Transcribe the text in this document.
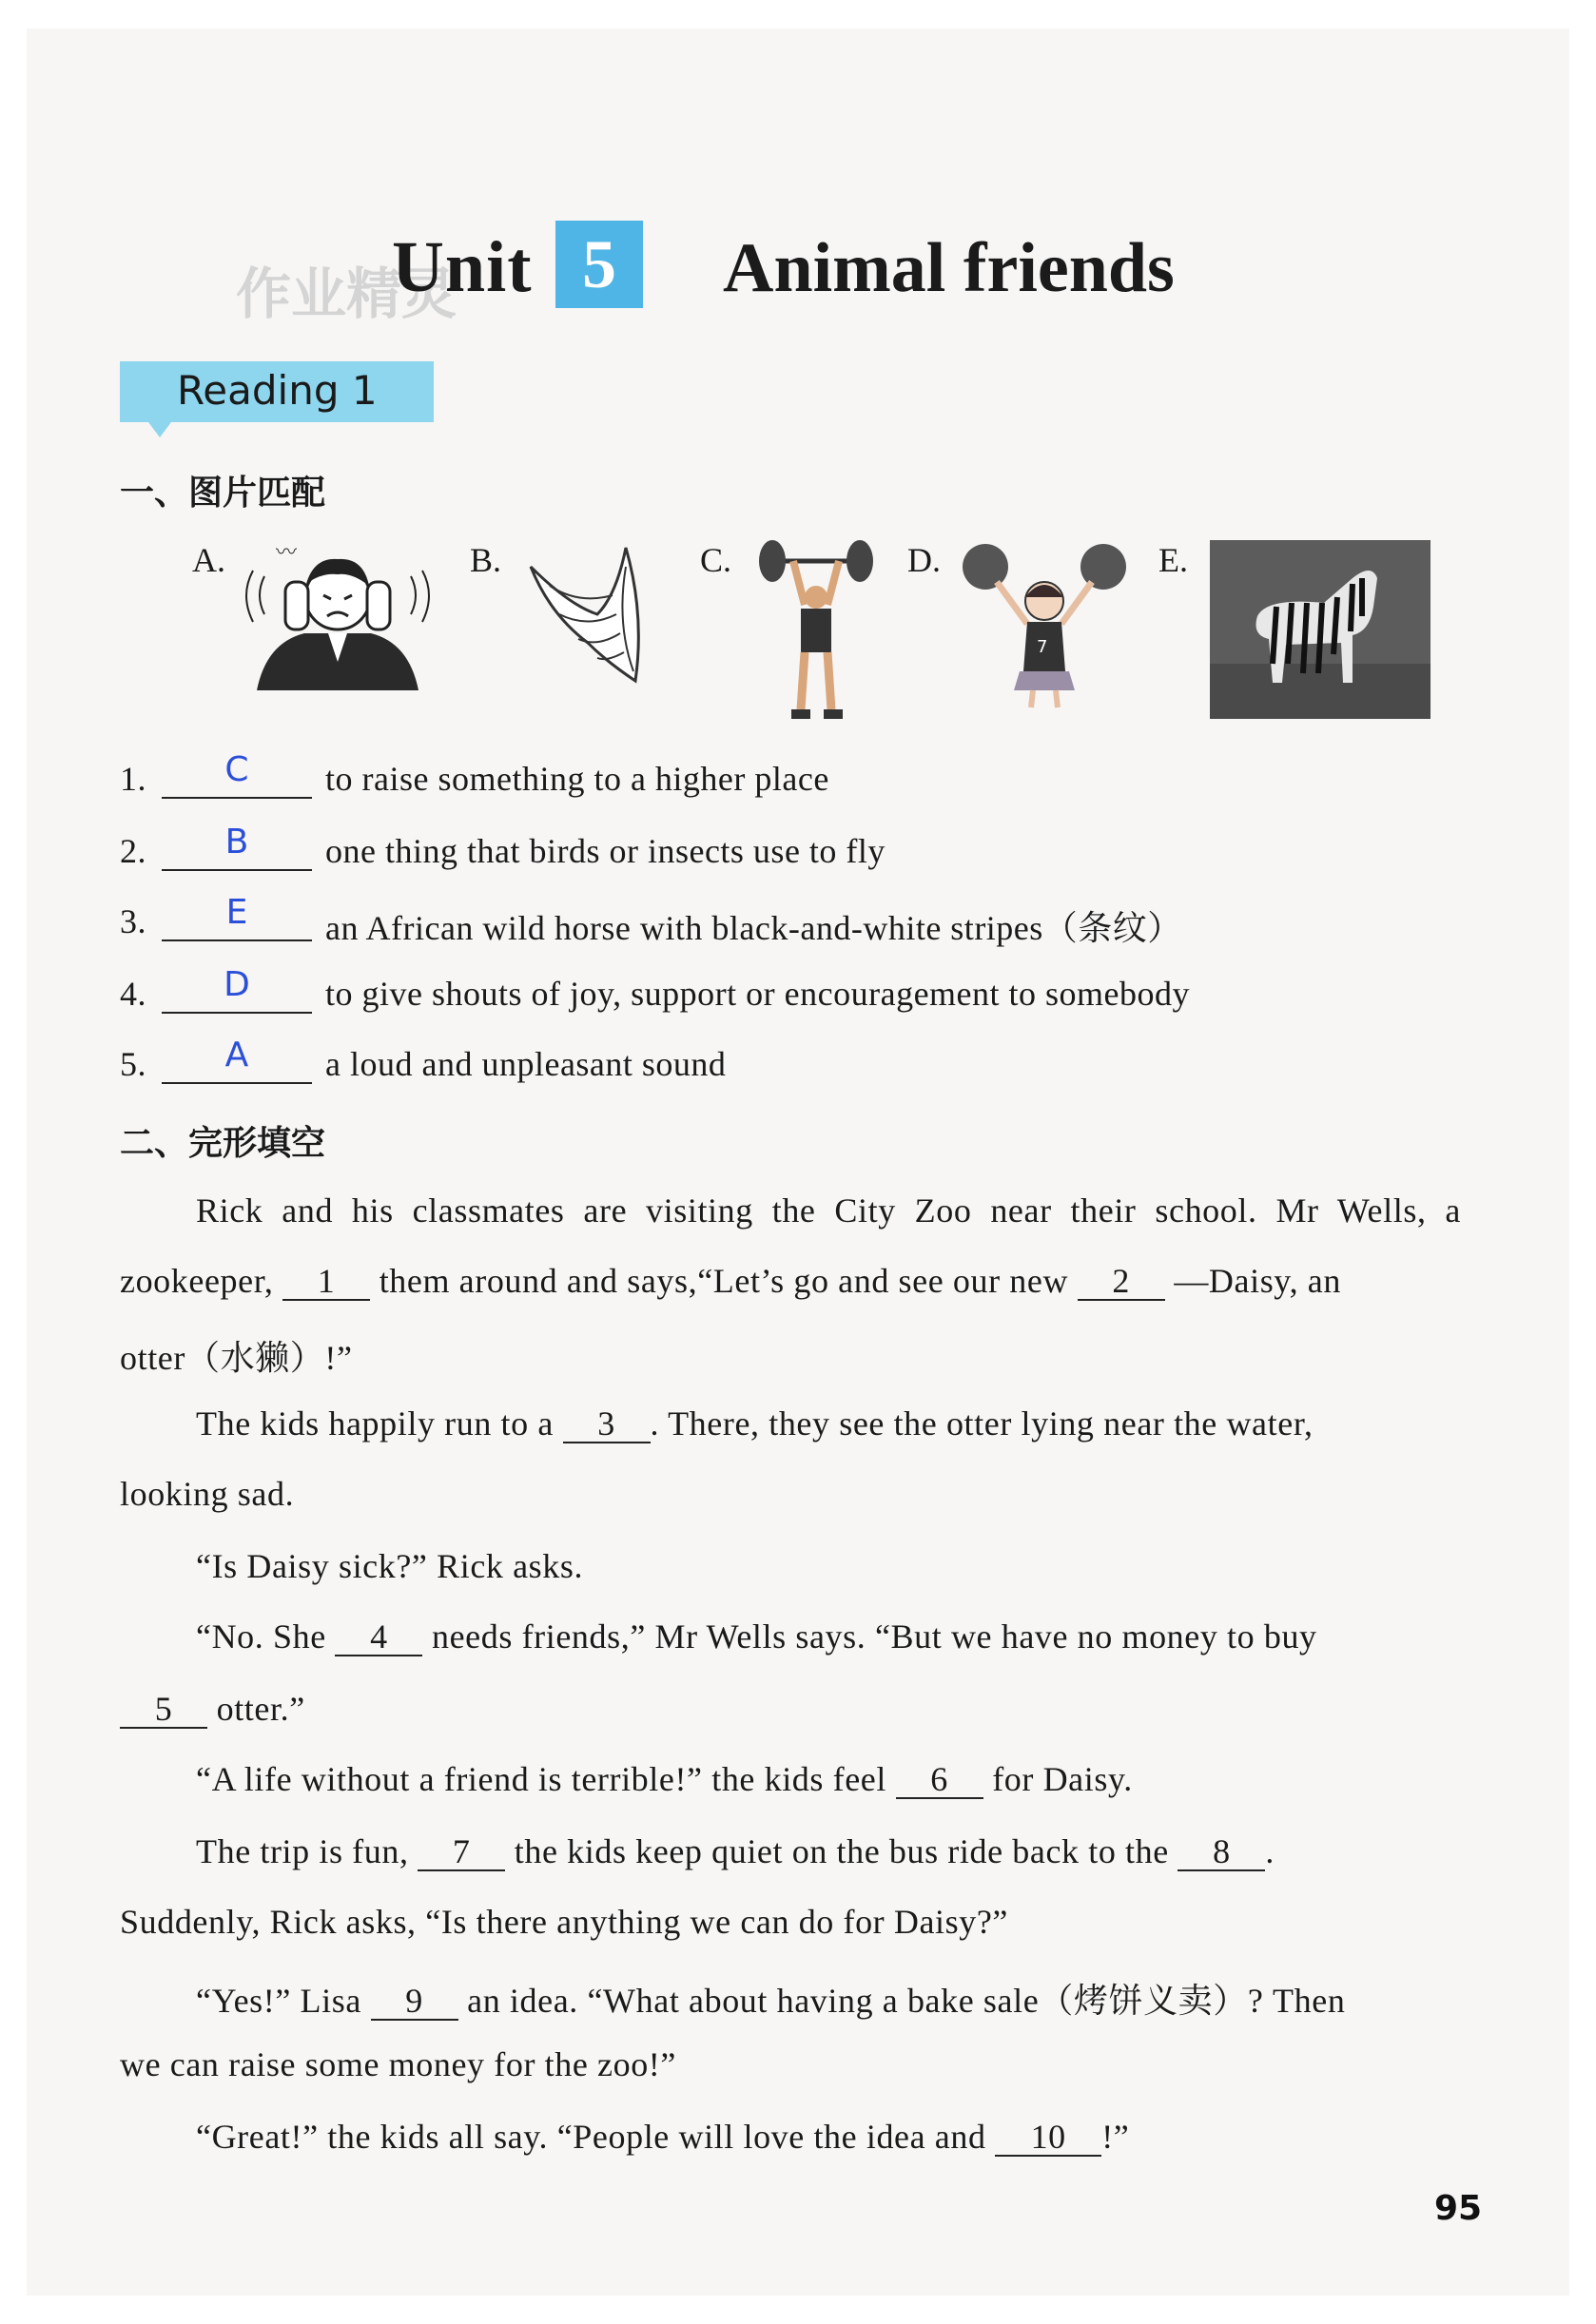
作业精灵
Unit 5	Animal friends
Reading 1
一、图片匹配
A. 〰	B.	C.	D.
7
E.
1.	C	to raise something to a higher place
2.	B	one thing that birds or insects use to fly
3.	E	an African wild horse with black-and-white stripes（条纹）
4.	D	to give shouts of joy, support or encouragement to somebody
5.	A	a loud and unpleasant sound
二、完形填空
Rick and his classmates are visiting the City Zoo near their school. Mr Wells, a
zookeeper, 1 them around and says,“Let’s go and see our new 2 —Daisy, an
otter（水獭）!”
The kids happily run to a 3 . There, they see the otter lying near the water,
looking sad.
“Is Daisy sick?” Rick asks.
“No. She 4 needs friends,” Mr Wells says. “But we have no money to buy
5 otter.”
“A life without a friend is terrible!” the kids feel 6 for Daisy.
The trip is fun, 7 the kids keep quiet on the bus ride back to the 8 .
Suddenly, Rick asks, “Is there anything we can do for Daisy?”
“Yes!” Lisa 9 an idea. “What about having a bake sale（烤饼义卖）? Then
we can raise some money for the zoo!”
“Great!” the kids all say. “People will love the idea and 10 !”
95
